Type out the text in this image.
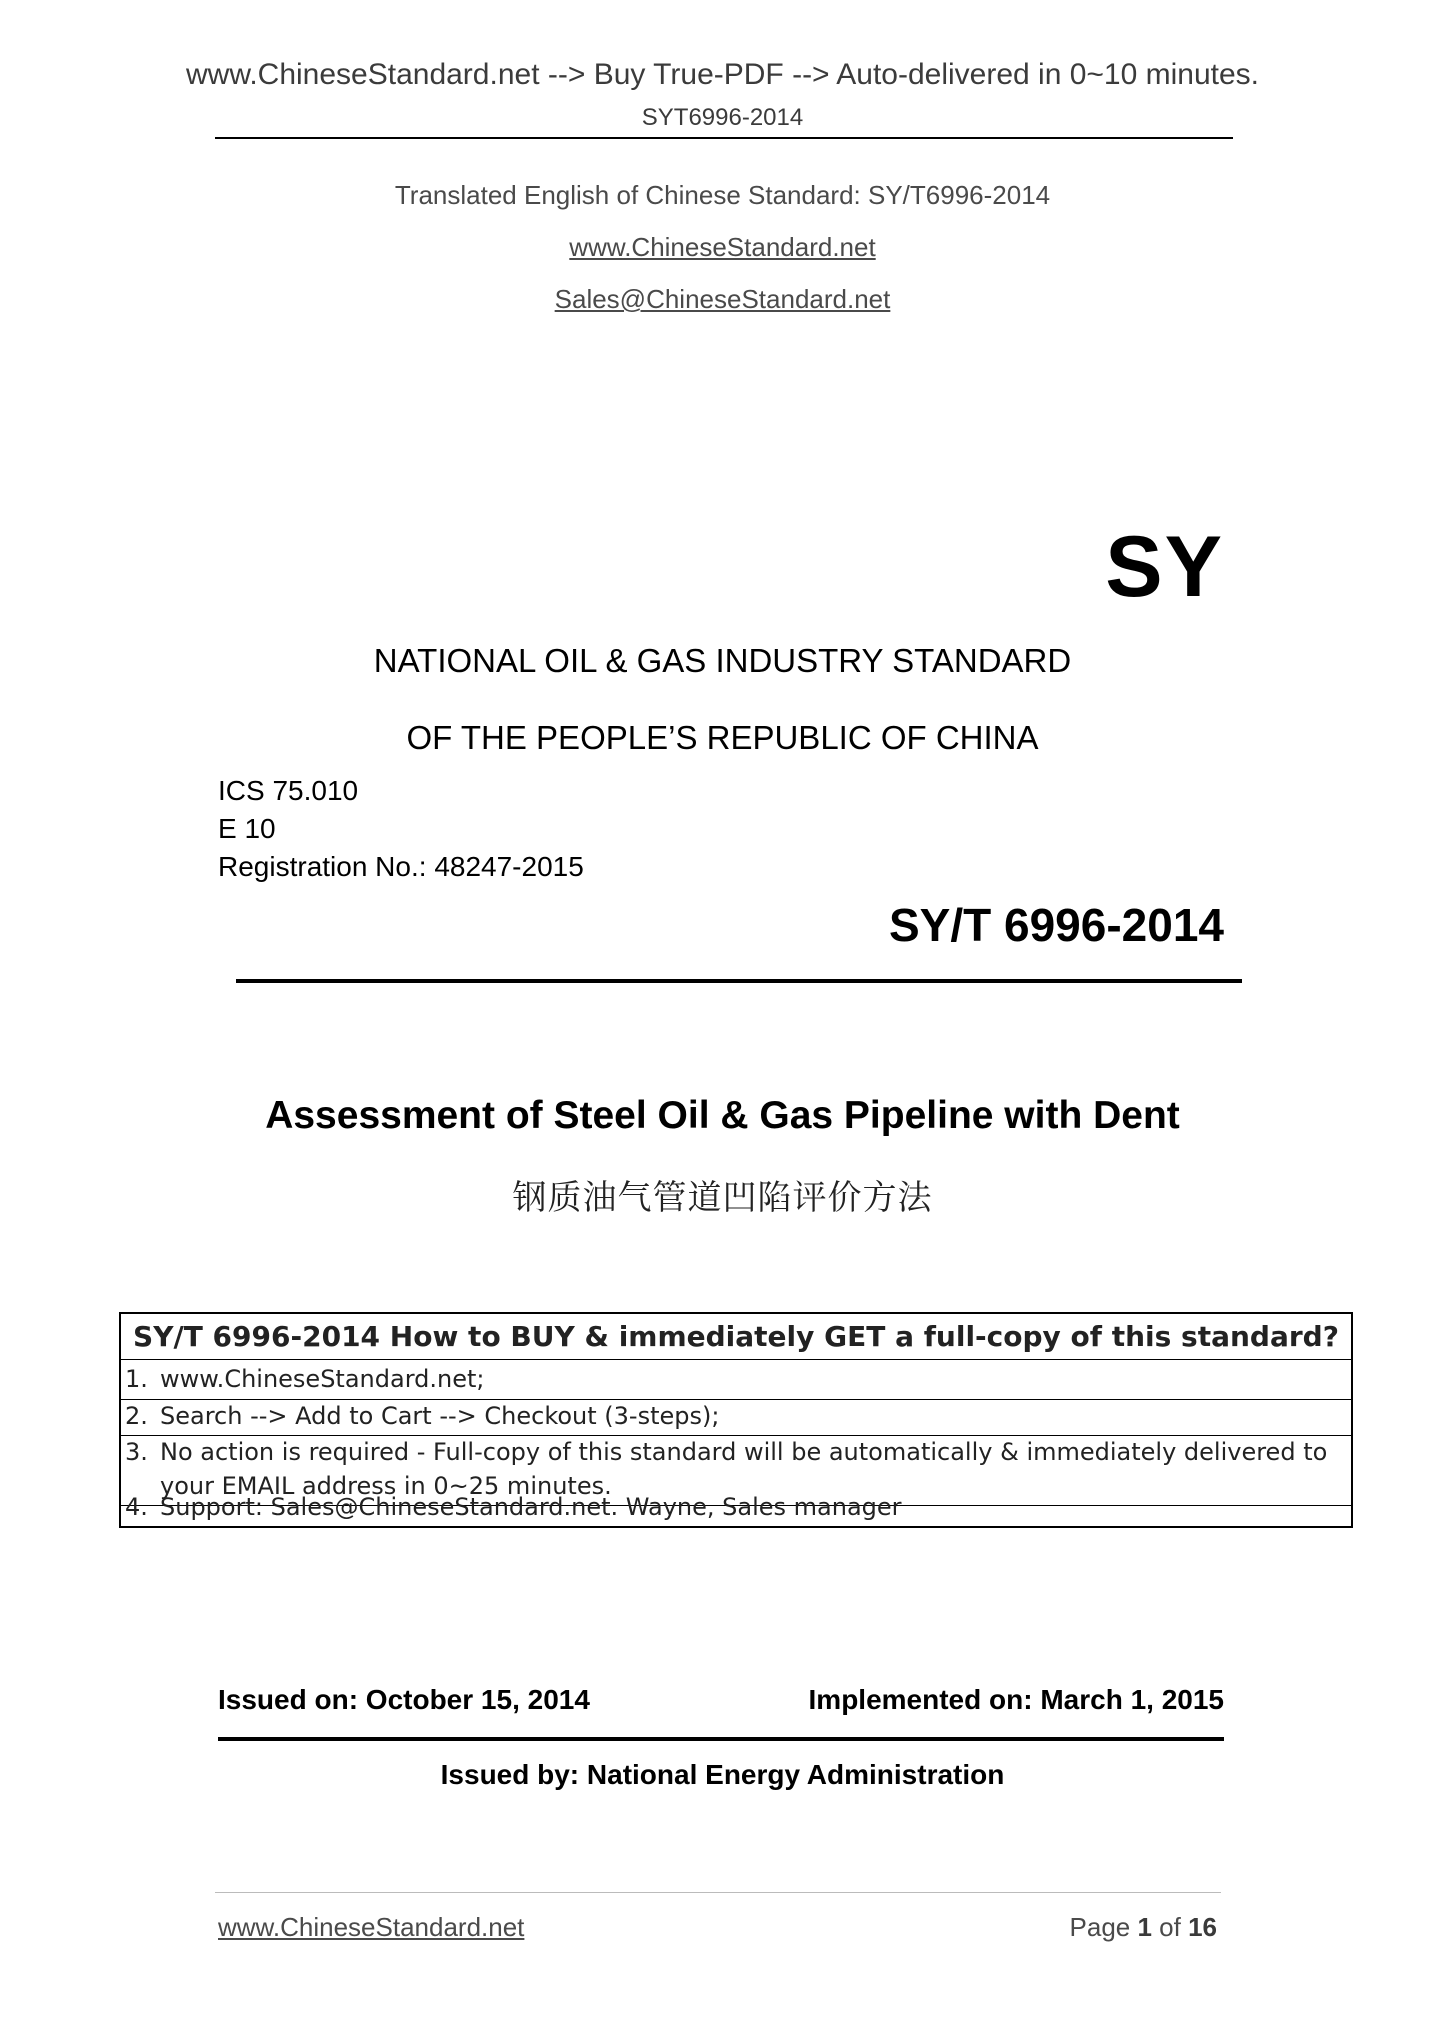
www.ChineseStandard.net --> Buy True-PDF --> Auto-delivered in 0~10 minutes.
SYT6996-2014
Translated English of Chinese Standard: SY/T6996-2014
www.ChineseStandard.net
Sales@ChineseStandard.net
SY
NATIONAL OIL & GAS INDUSTRY STANDARD
OF THE PEOPLE’S REPUBLIC OF CHINA
ICS 75.010
E 10
Registration No.: 48247-2015
SY/T 6996-2014
Assessment of Steel Oil & Gas Pipeline with Dent
钢质油气管道凹陷评价方法
SY/T 6996-2014 How to BUY & immediately GET a full-copy of this standard?
1. www.ChineseStandard.net;
2. Search --> Add to Cart --> Checkout (3-steps);
3. No action is required - Full-copy of this standard will be automatically & immediately delivered to
your EMAIL address in 0~25 minutes.
4. Support: Sales@ChineseStandard.net. Wayne, Sales manager
Issued on: October 15, 2014	Implemented on: March 1, 2015
Issued by: National Energy Administration
www.ChineseStandard.net	Page 1 of 16
